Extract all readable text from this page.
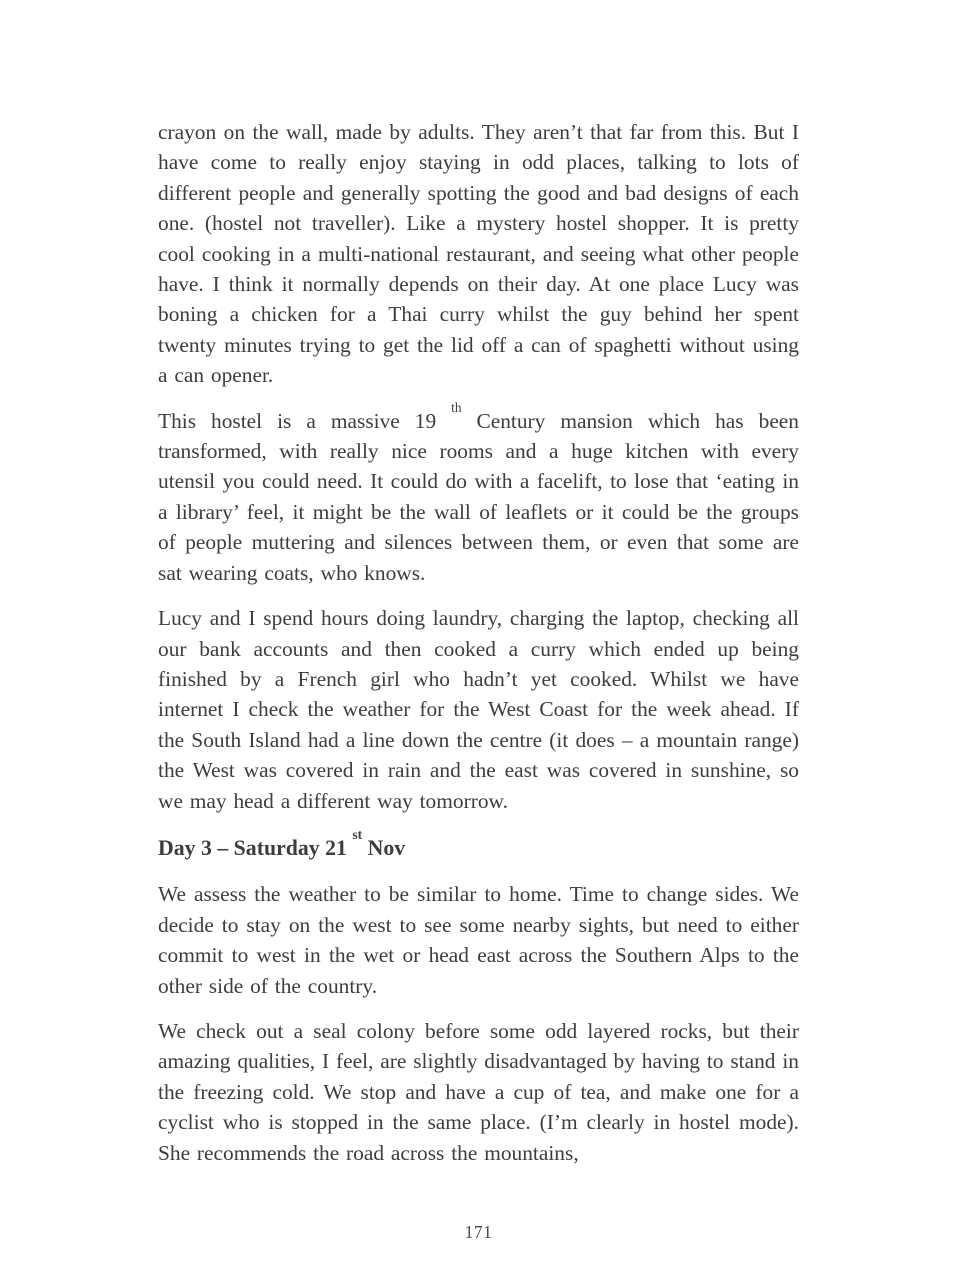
crayon on the wall, made by adults. They aren’t that far from this. But I have come to really enjoy staying in odd places, talking to lots of different people and generally spotting the good and bad designs of each one. (hostel not traveller). Like a mystery hostel shopper. It is pretty cool cooking in a multi-national restaurant, and seeing what other people have. I think it normally depends on their day. At one place Lucy was boning a chicken for a Thai curry whilst the guy behind her spent twenty minutes trying to get the lid off a can of spaghetti without using a can opener.

This hostel is a massive 19 $^{th}$ Century mansion which has been transformed, with really nice rooms and a huge kitchen with every utensil you could need. It could do with a facelift, to lose that ‘eating in a library’ feel, it might be the wall of leaflets or it could be the groups of people muttering and silences between them, or even that some are sat wearing coats, who knows.

Lucy and I spend hours doing laundry, charging the laptop, checking all our bank accounts and then cooked a curry which ended up being finished by a French girl who hadn’t yet cooked. Whilst we have internet I check the weather for the West Coast for the week ahead. If the South Island had a line down the centre (it does – a mountain range) the West was covered in rain and the east was covered in sunshine, so we may head a different way tomorrow.

Day 3 – Saturday 21 $^{st}$ Nov

We assess the weather to be similar to home. Time to change sides. We decide to stay on the west to see some nearby sights, but need to either commit to west in the wet or head east across the Southern Alps to the other side of the country.

We check out a seal colony before some odd layered rocks, but their amazing qualities, I feel, are slightly disadvantaged by having to stand in the freezing cold. We stop and have a cup of tea, and make one for a cyclist who is stopped in the same place. (I’m clearly in hostel mode). She recommends the road across the mountains,

171
